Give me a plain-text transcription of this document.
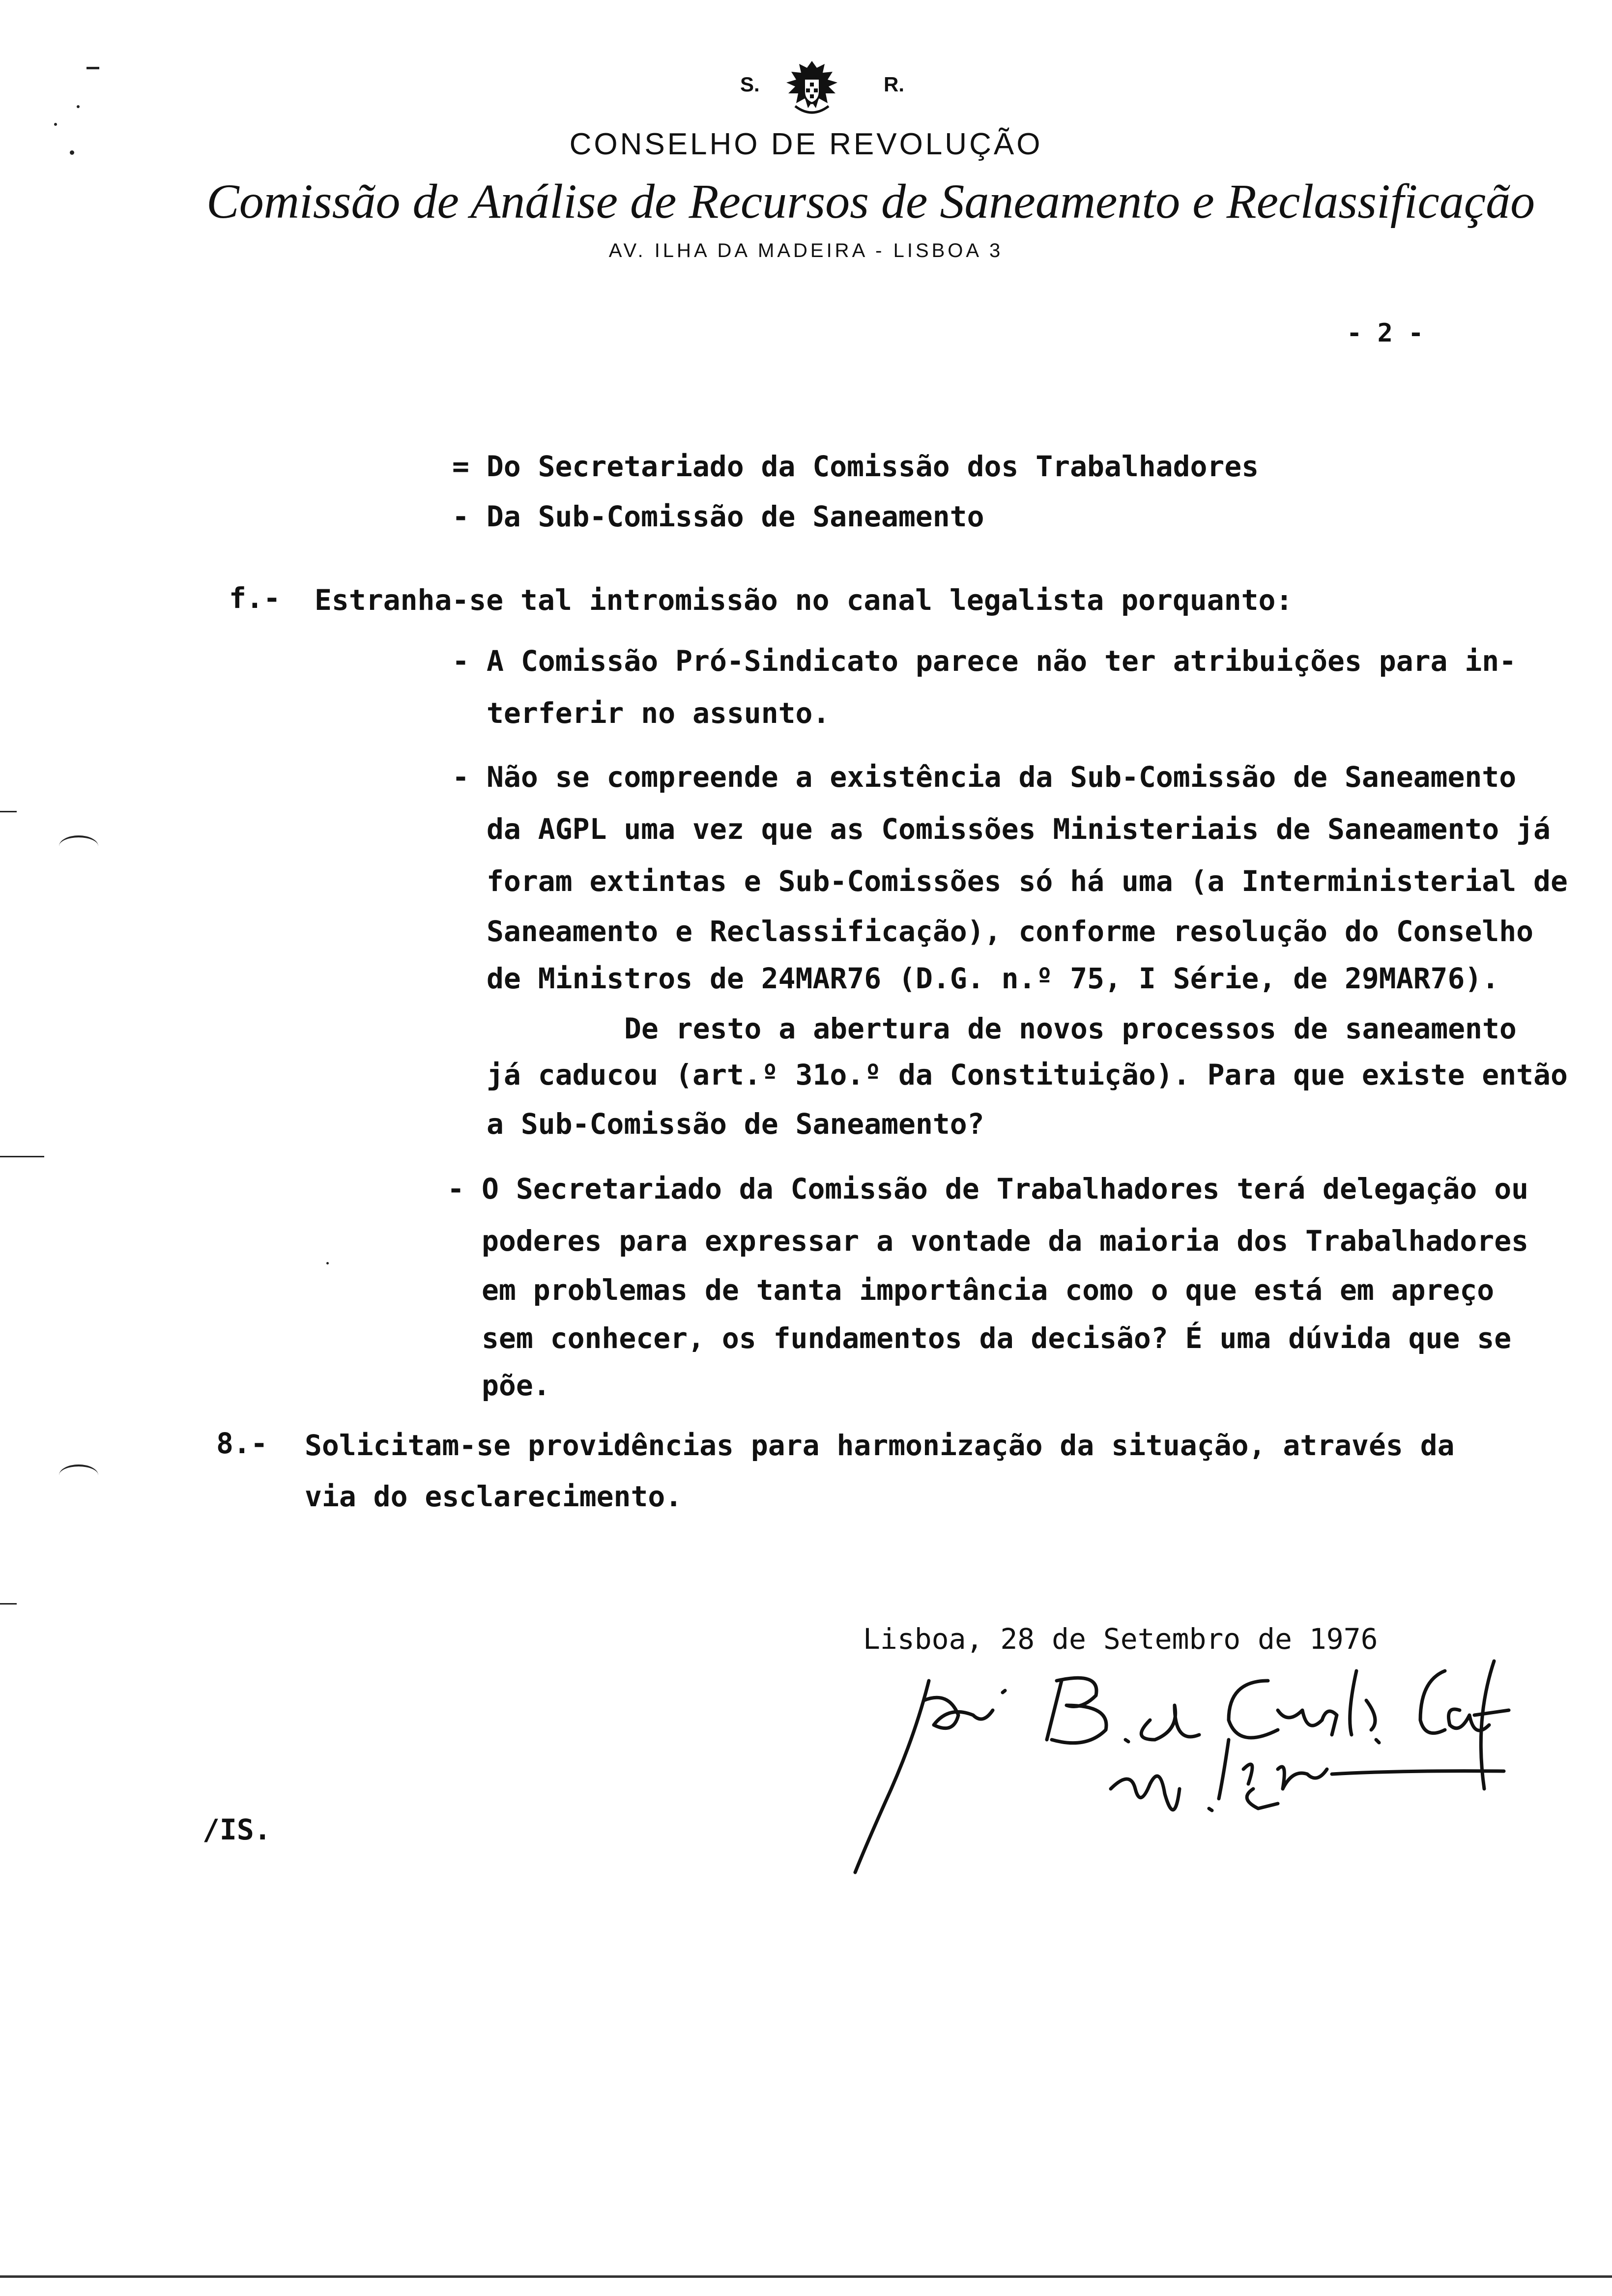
S.	R.
CONSELHO DE REVOLUÇÃO
Comissão de Análise de Recursos de Saneamento e Reclassificação
AV. ILHA DA MADEIRA - LISBOA 3
- 2 -
= Do Secretariado da Comissão dos Trabalhadores
- Da Sub-Comissão de Saneamento
f.- Estranha-se tal intromissão no canal legalista porquanto:
- A Comissão Pró-Sindicato parece não ter atribuições para in-
terferir no assunto.
- Não se compreende a existência da Sub-Comissão de Saneamento
da AGPL uma vez que as Comissões Ministeriais de Saneamento já
foram extintas e Sub-Comissões só há uma (a Interministerial de
Saneamento e Reclassificação), conforme resolução do Conselho
de Ministros de 24MAR76 (D.G. n.º 75, I Série, de 29MAR76).
De resto a abertura de novos processos de saneamento
já caducou (art.º 31o.º da Constituição). Para que existe então
a Sub-Comissão de Saneamento?
- O Secretariado da Comissão de Trabalhadores terá delegação ou
poderes para expressar a vontade da maioria dos Trabalhadores
em problemas de tanta importância como o que está em apreço
sem conhecer, os fundamentos da decisão? É uma dúvida que se
põe.
8.- Solicitam-se providências para harmonização da situação, através da
via do esclarecimento.
Lisboa, 28 de Setembro de 1976
/IS.
